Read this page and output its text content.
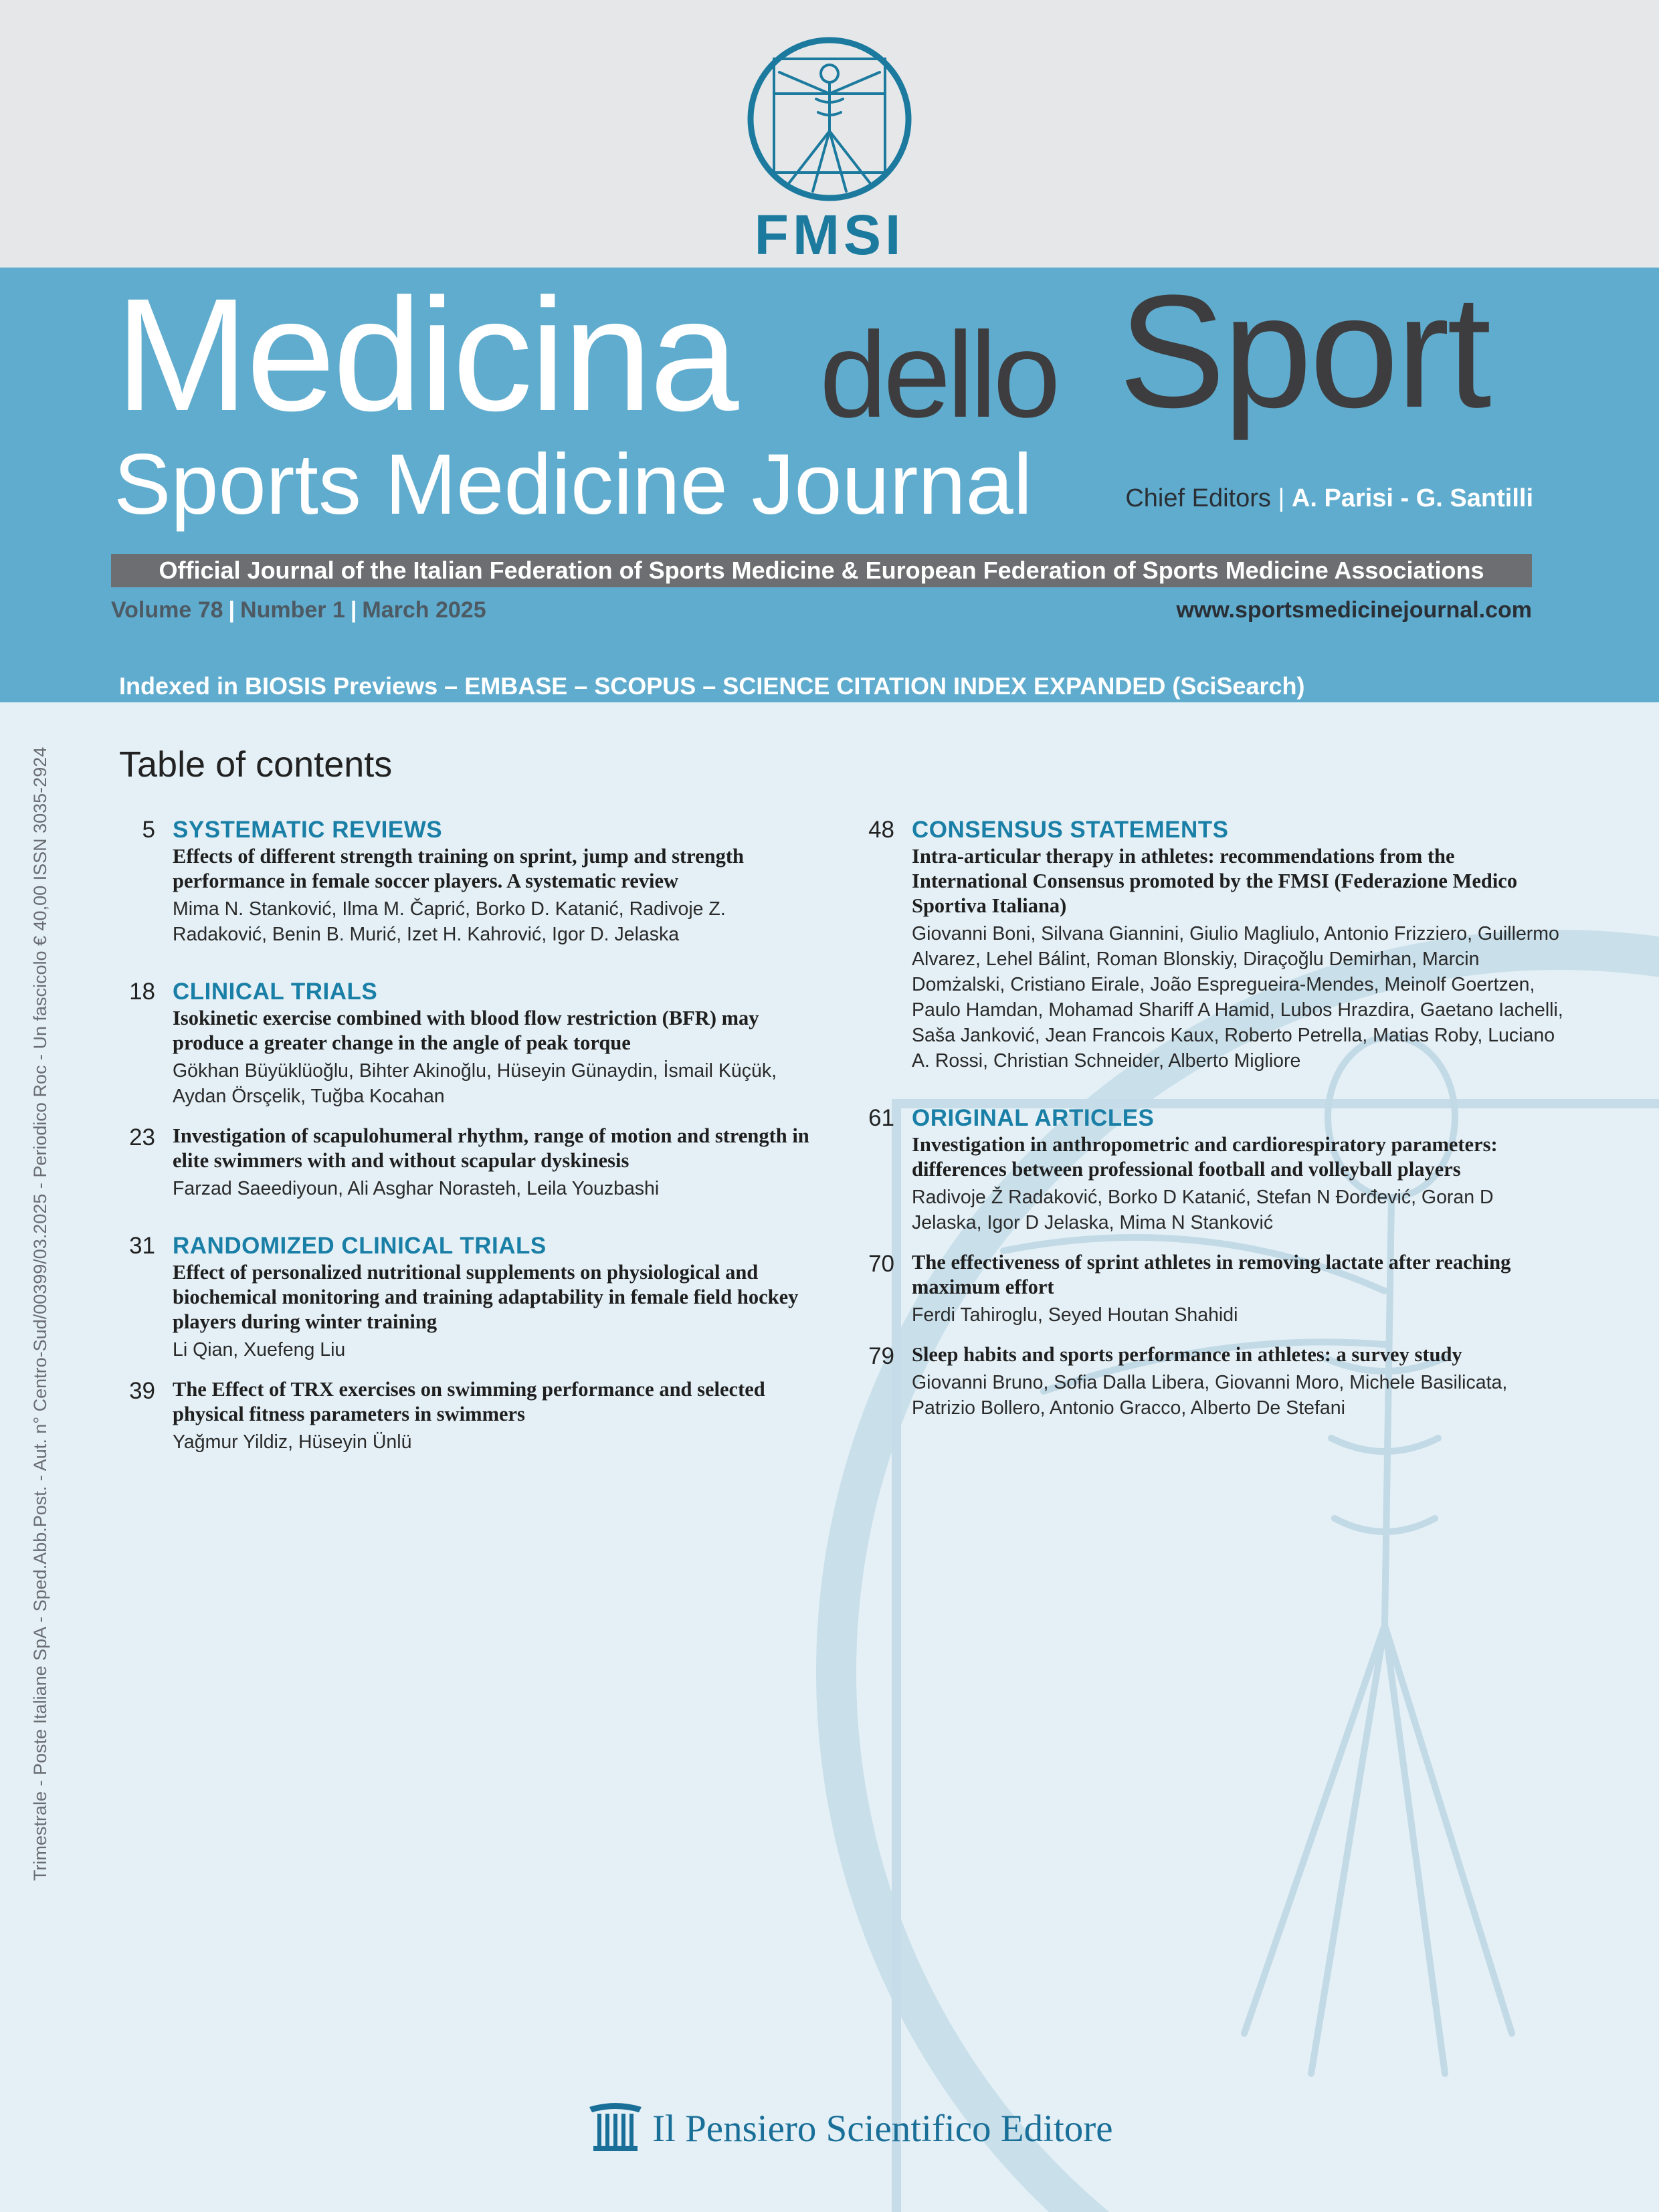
FMSI
Medicina dello Sport
Sports Medicine Journal	Chief Editors | A. Parisi - G. Santilli
Official Journal of the Italian Federation of Sports Medicine & European Federation of Sports Medicine Associations
Volume 78 | Number 1 | March 2025	www.sportsmedicinejournal.com
Indexed in BIOSIS Previews – EMBASE – SCOPUS – SCIENCE CITATION INDEX EXPANDED (SciSearch)
Trimestrale - Poste Italiane SpA - Sped.Abb.Post. - Aut. n° Centro-Sud/00399/03.2025 - Periodico Roc - Un fascicolo € 40,00 ISSN 3035-2924 Table of contents
5 SYSTEMATIC REVIEWS
Effects of different strength training on sprint, jump and strength performance in female soccer players. A systematic review
Mima N. Stanković, Ilma M. Čaprić, Borko D. Katanić, Radivoje Z. Radaković, Benin B. Murić, Izet H. Kahrović, Igor D. Jelaska
18 CLINICAL TRIALS
Isokinetic exercise combined with blood flow restriction (BFR) may produce a greater change in the angle of peak torque
Gökhan Büyüklüoğlu, Bihter Akinoğlu, Hüseyin Günaydin, İsmail Küçük, Aydan Örsçelik, Tuğba Kocahan
23 Investigation of scapulohumeral rhythm, range of motion and strength in elite swimmers with and without scapular dyskinesis
Farzad Saeediyoun, Ali Asghar Norasteh, Leila Youzbashi
31 RANDOMIZED CLINICAL TRIALS
Effect of personalized nutritional supplements on physiological and biochemical monitoring and training adaptability in female field hockey players during winter training
Li Qian, Xuefeng Liu
39 The Effect of TRX exercises on swimming performance and selected physical fitness parameters in swimmers
Yağmur Yildiz, Hüseyin Ünlü
48 CONSENSUS STATEMENTS
Intra-articular therapy in athletes: recommendations from the International Consensus promoted by the FMSI (Federazione Medico Sportiva Italiana)
Giovanni Boni, Silvana Giannini, Giulio Magliulo, Antonio Frizziero, Guillermo Alvarez, Lehel Bálint, Roman Blonskiy, Diraçoğlu Demirhan, Marcin Domżalski, Cristiano Eirale, João Espregueira-Mendes, Meinolf Goertzen, Paulo Hamdan, Mohamad Shariff A Hamid, Lubos Hrazdira, Gaetano Iachelli, Saša Janković, Jean Francois Kaux, Roberto Petrella, Matias Roby, Luciano A. Rossi, Christian Schneider, Alberto Migliore
61 ORIGINAL ARTICLES
Investigation in anthropometric and cardiorespiratory parameters: differences between professional football and volleyball players
Radivoje Ž Radaković, Borko D Katanić, Stefan N Đorđević, Goran D Jelaska, Igor D Jelaska, Mima N Stanković
70 The effectiveness of sprint athletes in removing lactate after reaching maximum effort
Ferdi Tahiroglu, Seyed Houtan Shahidi
79 Sleep habits and sports performance in athletes: a survey study
Giovanni Bruno, Sofia Dalla Libera, Giovanni Moro, Michele Basilicata, Patrizio Bollero, Antonio Gracco, Alberto De Stefani
Il Pensiero Scientifico Editore
